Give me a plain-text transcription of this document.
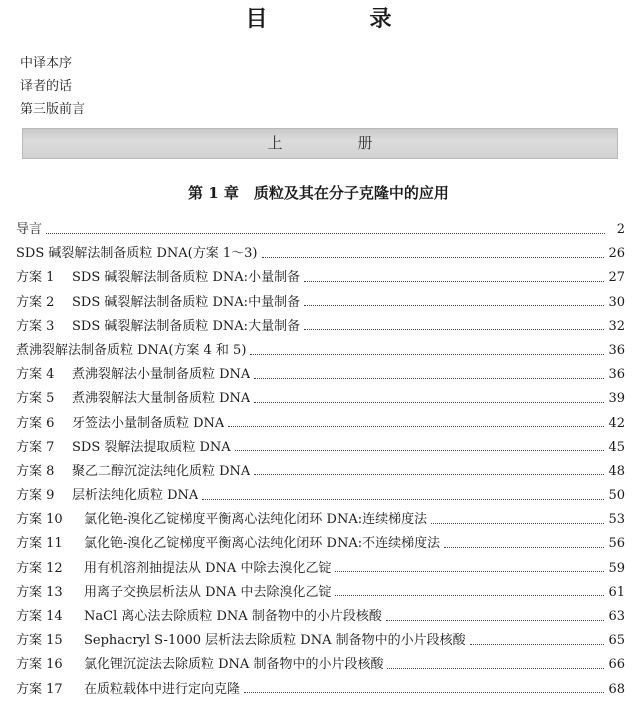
目　录
中译本序
译者的话
第三版前言
上　册
第 1 章　质粒及其在分子克隆中的应用
导言	2
SDS 碱裂解法制备质粒 DNA(方案 1～3)	26
方案 1	SDS 碱裂解法制备质粒 DNA:小量制备	27
方案 2	SDS 碱裂解法制备质粒 DNA:中量制备	30
方案 3	SDS 碱裂解法制备质粒 DNA:大量制备	32
煮沸裂解法制备质粒 DNA(方案 4 和 5)	36
方案 4	煮沸裂解法小量制备质粒 DNA	36
方案 5	煮沸裂解法大量制备质粒 DNA	39
方案 6	牙签法小量制备质粒 DNA	42
方案 7	SDS 裂解法提取质粒 DNA	45
方案 8	聚乙二醇沉淀法纯化质粒 DNA	48
方案 9	层析法纯化质粒 DNA	50
方案 10	氯化铯-溴化乙锭梯度平衡离心法纯化闭环 DNA:连续梯度法	53
方案 11	氯化铯-溴化乙锭梯度平衡离心法纯化闭环 DNA:不连续梯度法	56
方案 12	用有机溶剂抽提法从 DNA 中除去溴化乙锭	59
方案 13	用离子交换层析法从 DNA 中去除溴化乙锭	61
方案 14	NaCl 离心法去除质粒 DNA 制备物中的小片段核酸	63
方案 15	Sephacryl S-1000 层析法去除质粒 DNA 制备物中的小片段核酸	65
方案 16	氯化锂沉淀法去除质粒 DNA 制备物中的小片段核酸	66
方案 17	在质粒载体中进行定向克隆	68
